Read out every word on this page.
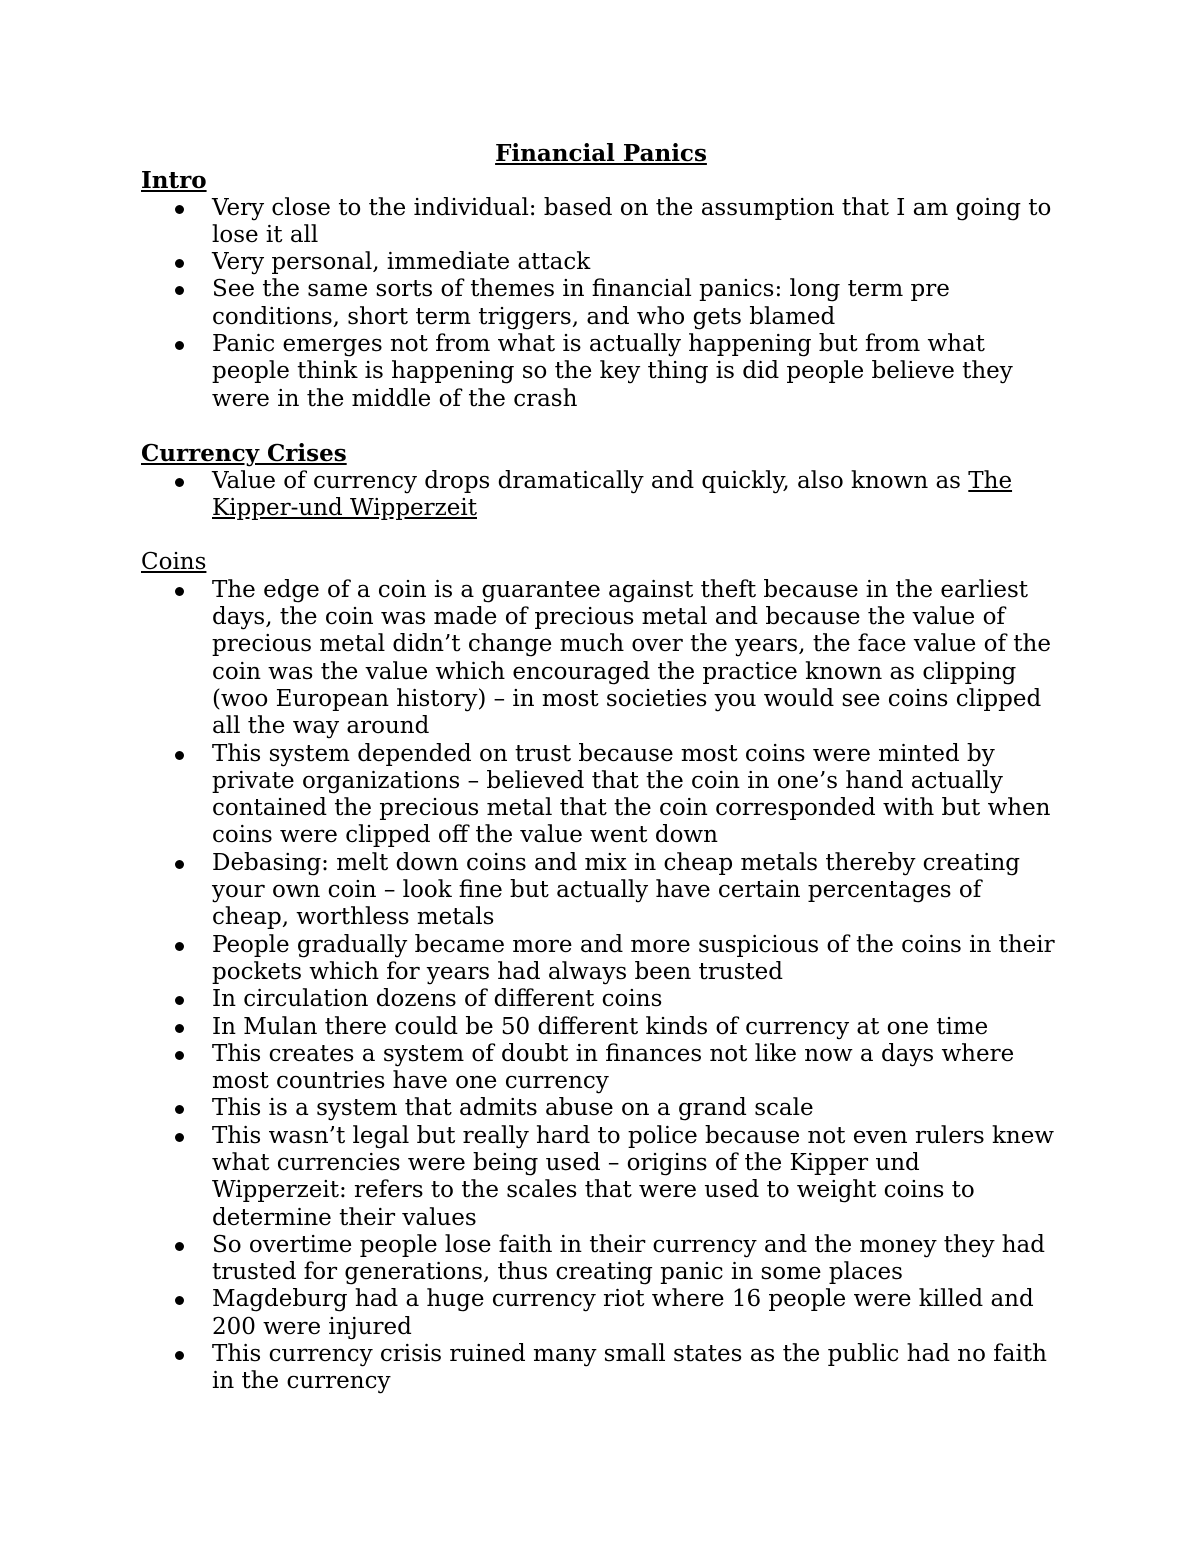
Financial Panics

Intro

Very close to the individual: based on the assumption that I am going to lose it all
Very personal, immediate attack
See the same sorts of themes in financial panics: long term pre conditions, short term triggers, and who gets blamed
Panic emerges not from what is actually happening but from what people think is happening so the key thing is did people believe they were in the middle of the crash

Currency Crises

Value of currency drops dramatically and quickly, also known as The Kipper-und Wipperzeit

Coins

The edge of a coin is a guarantee against theft because in the earliest days, the coin was made of precious metal and because the value of precious metal didn’t change much over the years, the face value of the coin was the value which encouraged the practice known as clipping (woo European history) – in most societies you would see coins clipped all the way around
This system depended on trust because most coins were minted by private organizations – believed that the coin in one’s hand actually contained the precious metal that the coin corresponded with but when coins were clipped off the value went down
Debasing: melt down coins and mix in cheap metals thereby creating your own coin – look fine but actually have certain percentages of cheap, worthless metals
People gradually became more and more suspicious of the coins in their pockets which for years had always been trusted
In circulation dozens of different coins
In Mulan there could be 50 different kinds of currency at one time
This creates a system of doubt in finances not like now a days where most countries have one currency
This is a system that admits abuse on a grand scale
This wasn’t legal but really hard to police because not even rulers knew what currencies were being used – origins of the Kipper und Wipperzeit: refers to the scales that were used to weight coins to determine their values
So overtime people lose faith in their currency and the money they had trusted for generations, thus creating panic in some places
Magdeburg had a huge currency riot where 16 people were killed and 200 were injured
This currency crisis ruined many small states as the public had no faith in the currency
